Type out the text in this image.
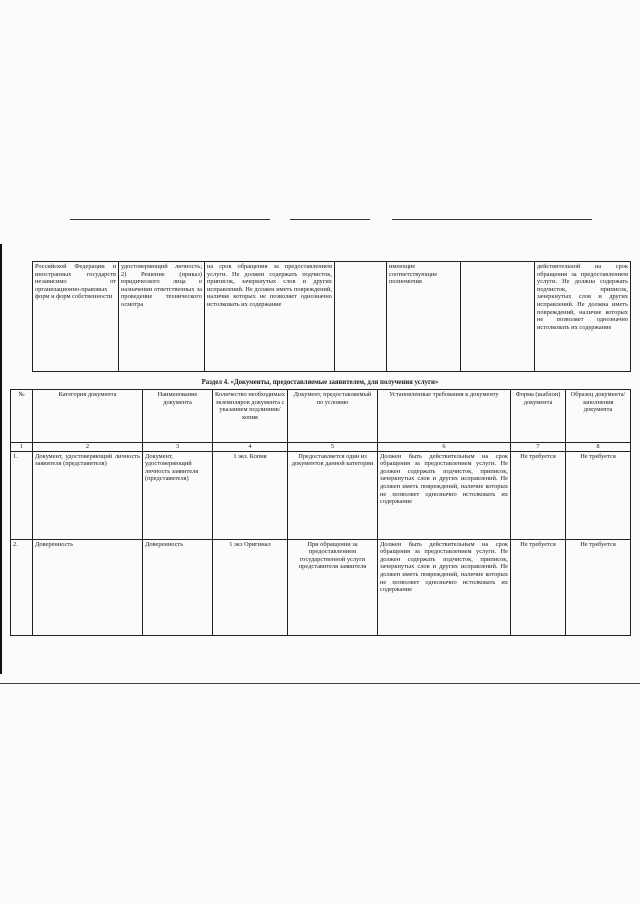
Российской Федерации и иностранных государств независимо от организационно-правовых форм и форм собственности	удостоверяющий личность; 2) Решение (приказ) юридического лица о назначении ответственных за проведение технического осмотра	на срок обращения за предоставлением услуги. Не должен содержать подчисток, приписок, зачеркнутых слов и других исправлений. Не должен иметь повреждений, наличие которых не позволяет однозначно истолковать их содержание		имеющие соответствующие полномочия		действительной на срок обращения за предоставлением услуги. Не должна содержать подчисток, приписок, зачеркнутых слов и других исправлений. Не должна иметь повреждений, наличие которых не позволяет однозначно истолковать их содержание
Раздел 4. «Документы, предоставляемые заявителем, для получения услуги»
№	Категория документа	Наименование документа	Количество необходимых экземпляров документа с указанием подлинник/копия	Документ, предоставляемый по условию	Установленные требования к документу	Форма (шаблон) документа	Образец документа/заполнения документа
1	2	3	4	5	6	7	8
1.	Документ, удостоверяющий личность заявителя (представителя)	Документ, удостоверяющий личность заявителя (представителя)	1 экз. Копия	Предоставляется один из документов данной категории	Должен быть действительным на срок обращения за предоставлением услуги. Не должен содержать подчисток, приписок, зачеркнутых слов и других исправлений. Не должен иметь повреждений, наличие которых не позволяет однозначно истолковать их содержание	Не требуется	Не требуется
2.	Доверенность	Доверенность	1 экз Оригинал	При обращении за предоставлением государственной услуги представителя заявителя	Должен быть действительным на срок обращения за предоставлением услуги. Не должен содержать подчисток, приписок, зачеркнутых слов и других исправлений. Не должен иметь повреждений, наличие которых не позволяет однозначно истолковать их содержание	Не требуется	Не требуется
